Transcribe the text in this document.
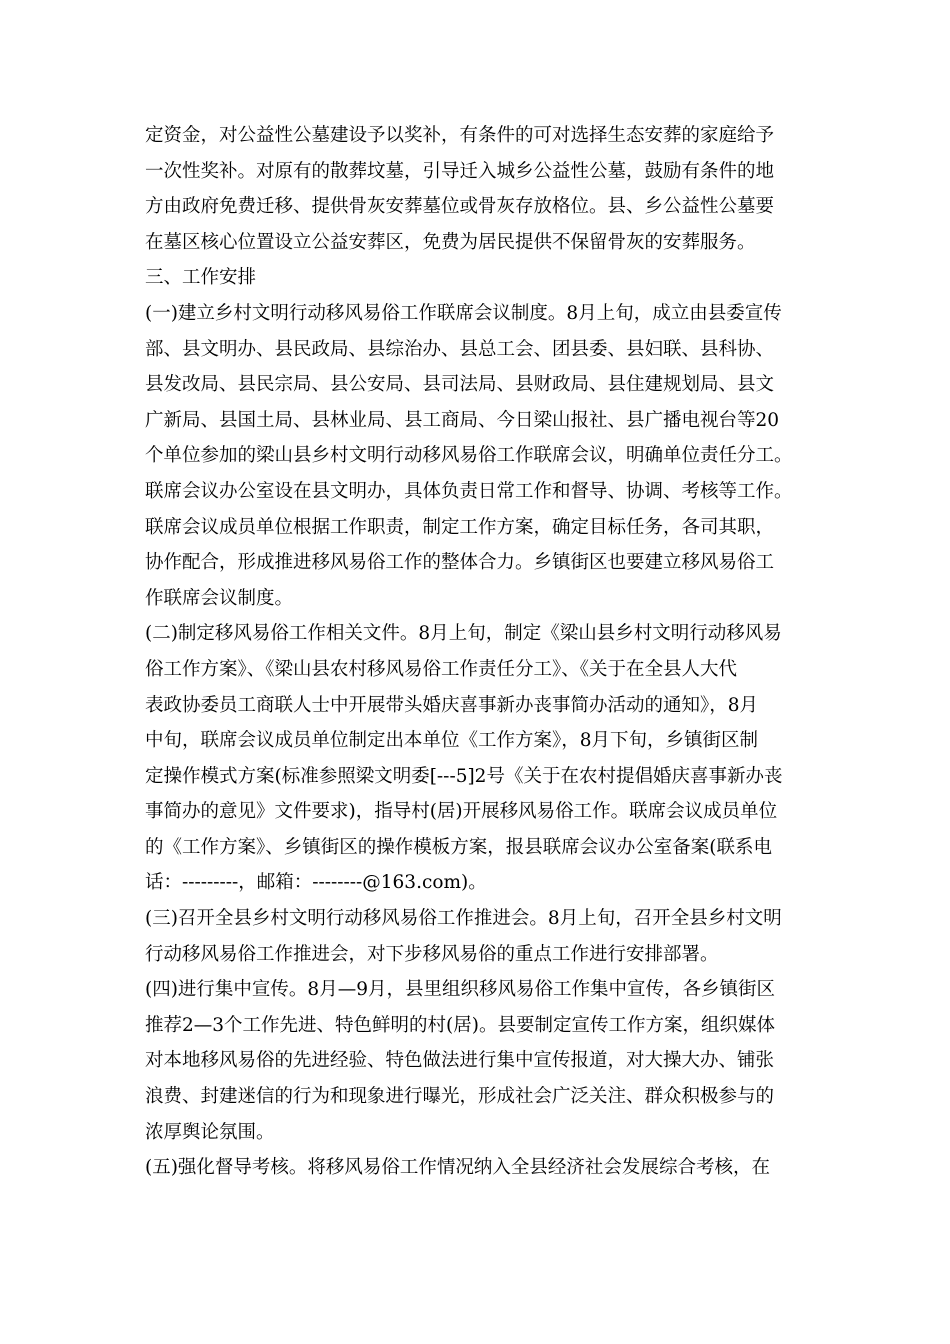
定资金，对公益性公墓建设予以奖补，有条件的可对选择生态安葬的家庭给予
一次性奖补。对原有的散葬坟墓，引导迁入城乡公益性公墓，鼓励有条件的地
方由政府免费迁移、提供骨灰安葬墓位或骨灰存放格位。县、乡公益性公墓要
在墓区核心位置设立公益安葬区，免费为居民提供不保留骨灰的安葬服务。
三、工作安排
(一)建立乡村文明行动移风易俗工作联席会议制度。8月上旬，成立由县委宣传
部、县文明办、县民政局、县综治办、县总工会、团县委、县妇联、县科协、
县发改局、县民宗局、县公安局、县司法局、县财政局、县住建规划局、县文
广新局、县国土局、县林业局、县工商局、今日梁山报社、县广播电视台等20
个单位参加的梁山县乡村文明行动移风易俗工作联席会议，明确单位责任分工。
联席会议办公室设在县文明办，具体负责日常工作和督导、协调、考核等工作。
联席会议成员单位根据工作职责，制定工作方案，确定目标任务，各司其职，
协作配合，形成推进移风易俗工作的整体合力。乡镇街区也要建立移风易俗工
作联席会议制度。
(二)制定移风易俗工作相关文件。8月上旬，制定《梁山县乡村文明行动移风易
俗工作方案》、《梁山县农村移风易俗工作责任分工》、《关于在全县人大代
表政协委员工商联人士中开展带头婚庆喜事新办丧事简办活动的通知》，8月
中旬，联席会议成员单位制定出本单位《工作方案》，8月下旬，乡镇街区制
定操作模式方案(标准参照梁文明委[---5]2号《关于在农村提倡婚庆喜事新办丧
事简办的意见》文件要求)，指导村(居)开展移风易俗工作。联席会议成员单位
的《工作方案》、乡镇街区的操作模板方案，报县联席会议办公室备案(联系电
话：---------，邮箱：--------@163.com)。
(三)召开全县乡村文明行动移风易俗工作推进会。8月上旬，召开全县乡村文明
行动移风易俗工作推进会，对下步移风易俗的重点工作进行安排部署。
(四)进行集中宣传。8月—9月，县里组织移风易俗工作集中宣传，各乡镇街区
推荐2—3个工作先进、特色鲜明的村(居)。县要制定宣传工作方案，组织媒体
对本地移风易俗的先进经验、特色做法进行集中宣传报道，对大操大办、铺张
浪费、封建迷信的行为和现象进行曝光，形成社会广泛关注、群众积极参与的
浓厚舆论氛围。
(五)强化督导考核。将移风易俗工作情况纳入全县经济社会发展综合考核，在
